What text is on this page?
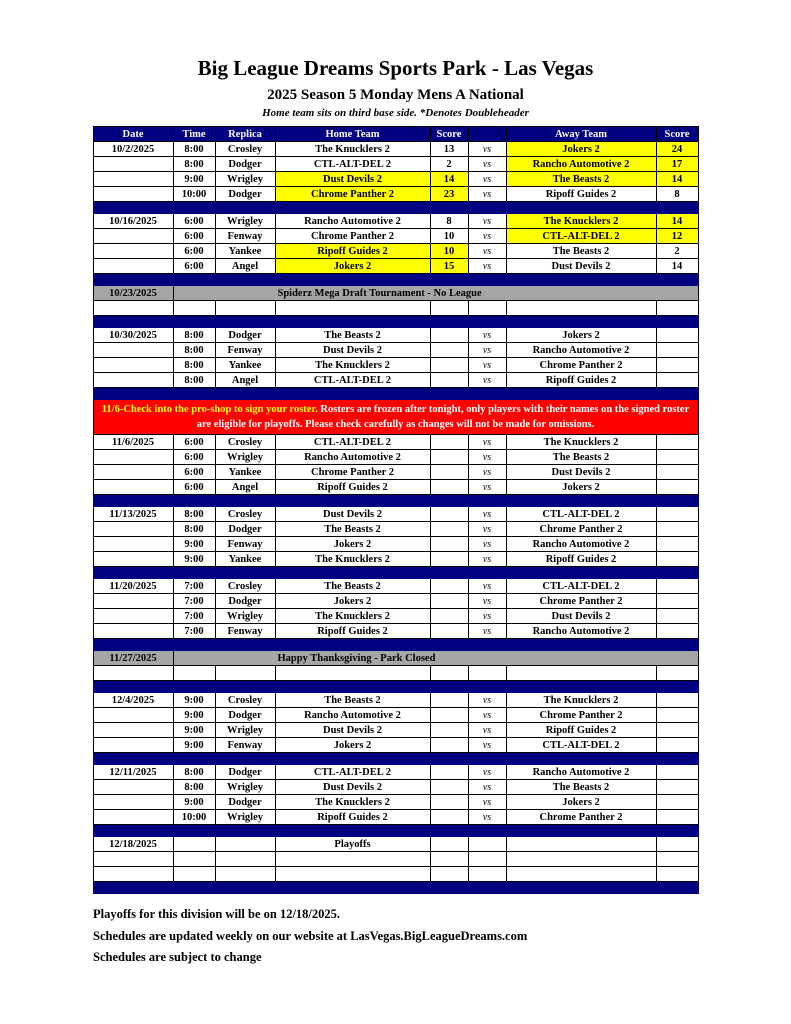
Big League Dreams Sports Park - Las Vegas
2025 Season 5 Monday Mens A National
Home team sits on third base side. *Denotes Doubleheader
Date	Time	Replica	Home Team	Score		Away Team	Score
10/2/2025	8:00	Crosley	The Knucklers 2	13	vs	Jokers 2	24
	8:00	Dodger	CTL-ALT-DEL 2	2	vs	Rancho Automotive 2	17
	9:00	Wrigley	Dust Devils 2	14	vs	The Beasts 2	14
	10:00	Dodger	Chrome Panther 2	23	vs	Ripoff Guides 2	8

10/16/2025	6:00	Wrigley	Rancho Automotive 2	8	vs	The Knucklers 2	14
	6:00	Fenway	Chrome Panther 2	10	vs	CTL-ALT-DEL 2	12
	6:00	Yankee	Ripoff Guides 2	10	vs	The Beasts 2	2
	6:00	Angel	Jokers 2	15	vs	Dust Devils 2	14

10/23/2025	Spiderz Mega Draft Tournament - No League						

10/30/2025	8:00	Dodger	The Beasts 2		vs	Jokers 2	
	8:00	Fenway	Dust Devils 2		vs	Rancho Automotive 2	
	8:00	Yankee	The Knucklers 2		vs	Chrome Panther 2	
	8:00	Angel	CTL-ALT-DEL 2		vs	Ripoff Guides 2	

11/6-Check into the pro-shop to sign your roster. Rosters are frozen after tonight, only players with their names on the signed roster are eligible for playoffs. Please check carefully as changes will not be made for omissions.							
11/6/2025	6:00	Crosley	CTL-ALT-DEL 2		vs	The Knucklers 2	
	6:00	Wrigley	Rancho Automotive 2		vs	The Beasts 2	
	6:00	Yankee	Chrome Panther 2		vs	Dust Devils 2	
	6:00	Angel	Ripoff Guides 2		vs	Jokers 2	

11/13/2025	8:00	Crosley	Dust Devils 2		vs	CTL-ALT-DEL 2	
	8:00	Dodger	The Beasts 2		vs	Chrome Panther 2	
	9:00	Fenway	Jokers 2		vs	Rancho Automotive 2	
	9:00	Yankee	The Knucklers 2		vs	Ripoff Guides 2	

11/20/2025	7:00	Crosley	The Beasts 2		vs	CTL-ALT-DEL 2	
	7:00	Dodger	Jokers 2		vs	Chrome Panther 2	
	7:00	Wrigley	The Knucklers 2		vs	Dust Devils 2	
	7:00	Fenway	Ripoff Guides 2		vs	Rancho Automotive 2	

11/27/2025	Happy Thanksgiving - Park Closed						

12/4/2025	9:00	Crosley	The Beasts 2		vs	The Knucklers 2	
	9:00	Dodger	Rancho Automotive 2		vs	Chrome Panther 2	
	9:00	Wrigley	Dust Devils 2		vs	Ripoff Guides 2	
	9:00	Fenway	Jokers 2		vs	CTL-ALT-DEL 2	

12/11/2025	8:00	Dodger	CTL-ALT-DEL 2		vs	Rancho Automotive 2	
	8:00	Wrigley	Dust Devils 2		vs	The Beasts 2	
	9:00	Dodger	The Knucklers 2		vs	Jokers 2	
	10:00	Wrigley	Ripoff Guides 2		vs	Chrome Panther 2	

12/18/2025			Playoffs				

Playoffs for this division will be on 12/18/2025.

Schedules are updated weekly on our website at LasVegas.BigLeagueDreams.com

Schedules are subject to change
